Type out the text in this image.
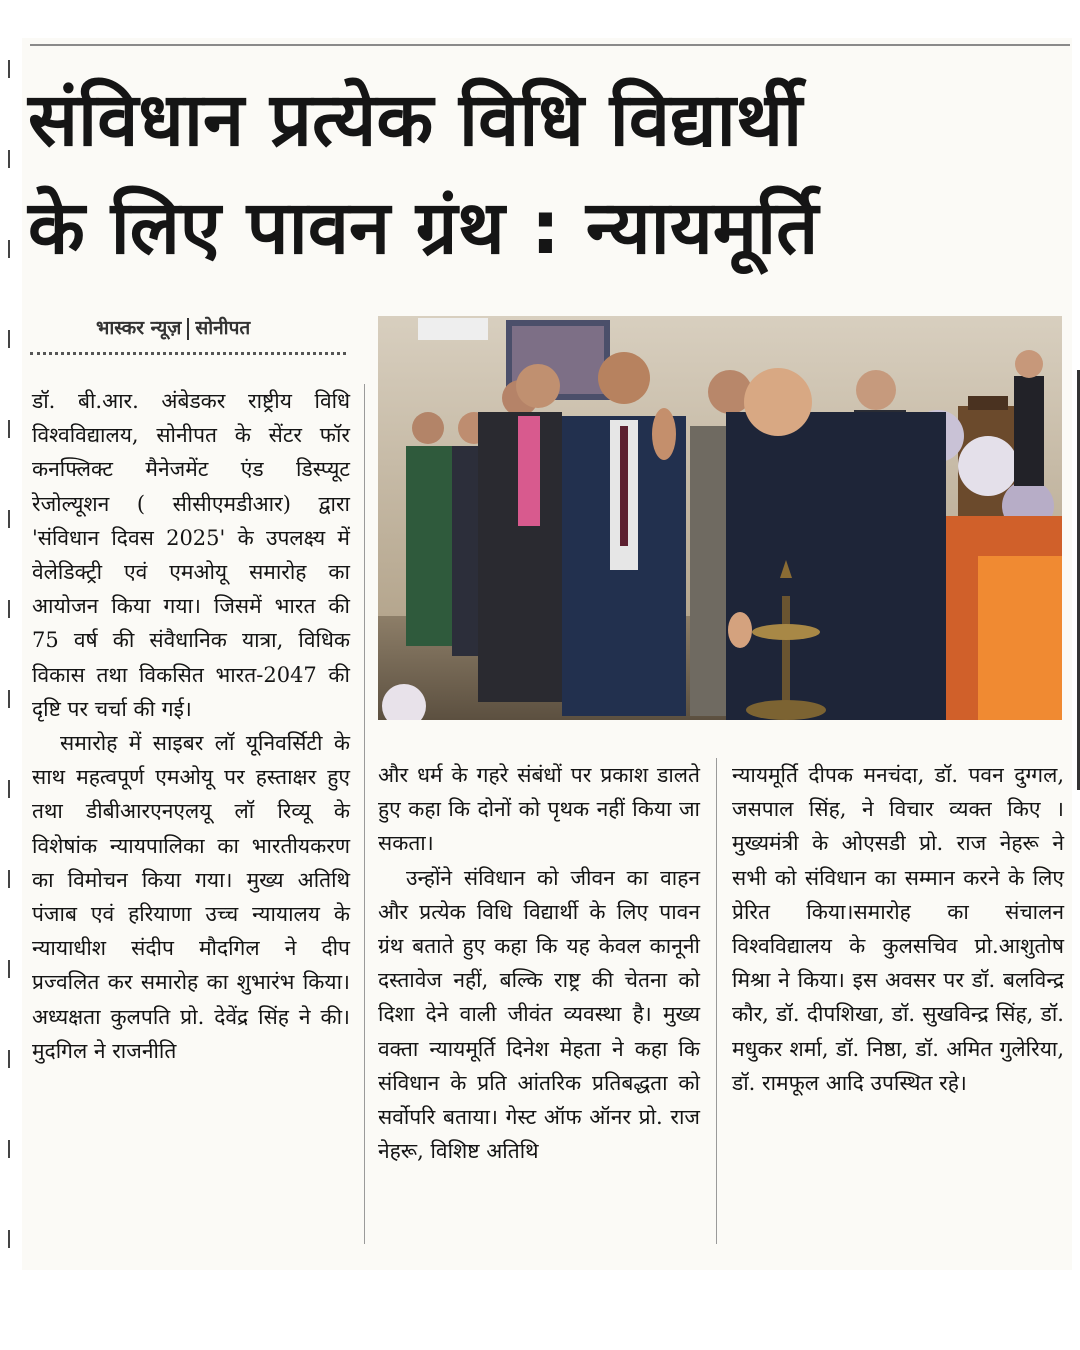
संविधान प्रत्येक विधि विद्यार्थी
के लिए पावन ग्रंथ : न्यायमूर्ति
भास्कर न्यूज़ सोनीपत

डॉ. बी.आर. अंबेडकर राष्ट्रीय विधि विश्वविद्यालय, सोनीपत के सेंटर फॉर कनफ्लिक्ट मैनेजमेंट एंड डिस्प्यूट रेजोल्यूशन ( सीसीएमडीआर) द्वारा 'संविधान दिवस 2025' के उपलक्ष्य में वेलेडिक्ट्री एवं एमओयू समारोह का आयोजन किया गया। जिसमें भारत की 75 वर्ष की संवैधानिक यात्रा, विधिक विकास तथा विकसित भारत-2047 की दृष्टि पर चर्चा की गई।

समारोह में साइबर लॉ यूनिवर्सिटी के साथ महत्वपूर्ण एमओयू पर हस्ताक्षर हुए तथा डीबीआरएनएलयू लॉ रिव्यू के विशेषांक न्यायपालिका का भारतीयकरण का विमोचन किया गया। मुख्य अतिथि पंजाब एवं हरियाणा उच्च न्यायालय के न्यायाधीश संदीप मौदगिल ने दीप प्रज्वलित कर समारोह का शुभारंभ किया। अध्यक्षता कुलपति प्रो. देवेंद्र सिंह ने की। मुदगिल ने राजनीति

और धर्म के गहरे संबंधों पर प्रकाश डालते हुए कहा कि दोनों को पृथक नहीं किया जा सकता।

उन्होंने संविधान को जीवन का वाहन और प्रत्येक विधि विद्यार्थी के लिए पावन ग्रंथ बताते हुए कहा कि यह केवल कानूनी दस्तावेज नहीं, बल्कि राष्ट्र की चेतना को दिशा देने वाली जीवंत व्यवस्था है। मुख्य वक्ता न्यायमूर्ति दिनेश मेहता ने कहा कि संविधान के प्रति आंतरिक प्रतिबद्धता को सर्वोपरि बताया। गेस्ट ऑफ ऑनर प्रो. राज नेहरू, विशिष्ट अतिथि

न्यायमूर्ति दीपक मनचंदा, डॉ. पवन दुग्गल, जसपाल सिंह, ने विचार व्यक्त किए । मुख्यमंत्री के ओएसडी प्रो. राज नेहरू ने सभी को संविधान का सम्मान करने के लिए प्रेरित किया।समारोह का संचालन विश्वविद्यालय के कुलसचिव प्रो.आशुतोष मिश्रा ने किया। इस अवसर पर डॉ. बलविन्द्र कौर, डॉ. दीपशिखा, डॉ. सुखविन्द्र सिंह, डॉ. मधुकर शर्मा, डॉ. निष्ठा, डॉ. अमित गुलेरिया, डॉ. रामफूल आदि उपस्थित रहे।
